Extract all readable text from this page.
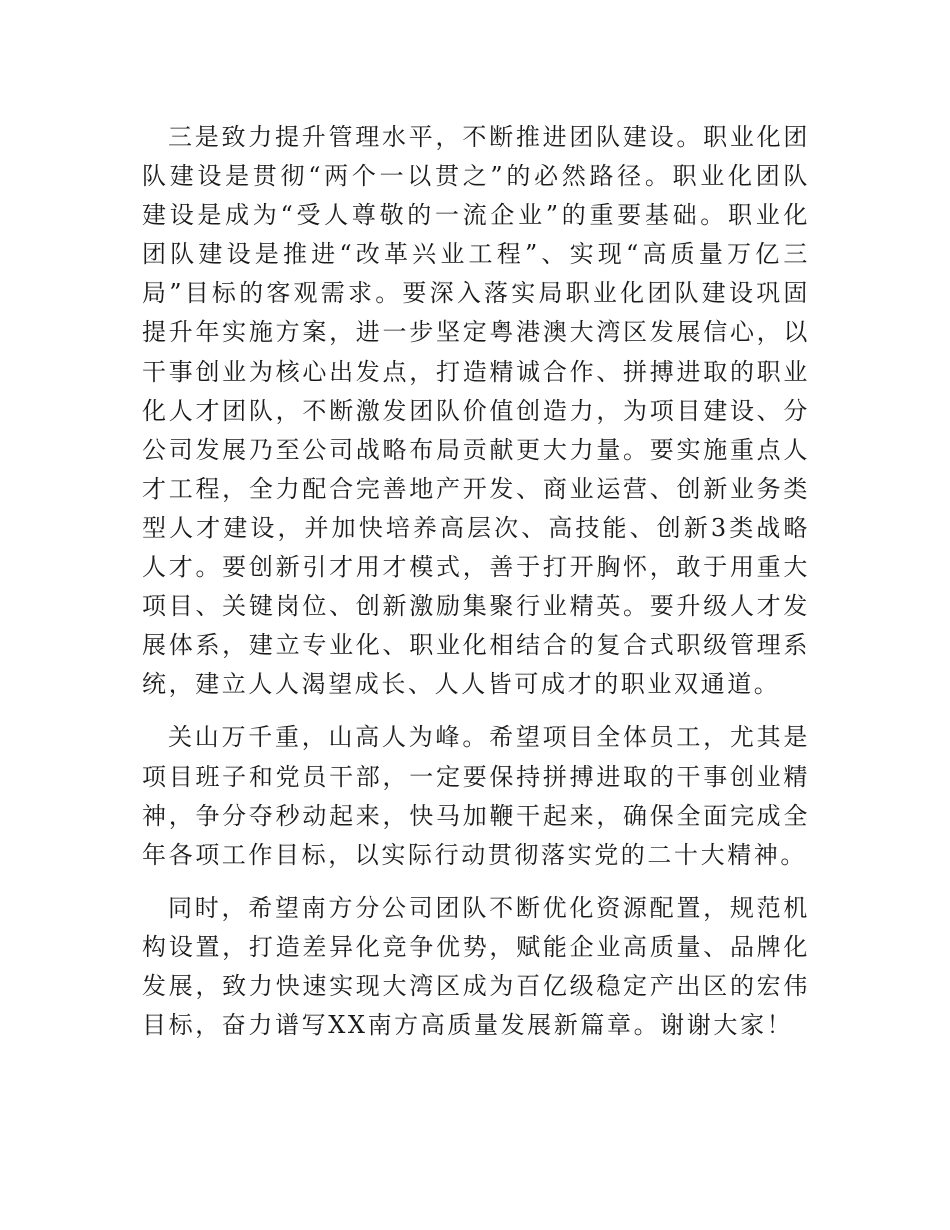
三是致力提升管理水平，不断推进团队建设。职业化团队建设是贯彻“两个一以贯之”的必然路径。职业化团队建设是成为“受人尊敬的一流企业”的重要基础。职业化团队建设是推进“改革兴业工程”、实现“高质量万亿三局”目标的客观需求。要深入落实局职业化团队建设巩固提升年实施方案，进一步坚定粤港澳大湾区发展信心，以干事创业为核心出发点，打造精诚合作、拼搏进取的职业化人才团队，不断激发团队价值创造力，为项目建设、分公司发展乃至公司战略布局贡献更大力量。要实施重点人才工程，全力配合完善地产开发、商业运营、创新业务类型人才建设，并加快培养高层次、高技能、创新3类战略人才。要创新引才用才模式，善于打开胸怀，敢于用重大项目、关键岗位、创新激励集聚行业精英。要升级人才发展体系，建立专业化、职业化相结合的复合式职级管理系统，建立人人渴望成长、人人皆可成才的职业双通道。

关山万千重，山高人为峰。希望项目全体员工，尤其是项目班子和党员干部，一定要保持拼搏进取的干事创业精神，争分夺秒动起来，快马加鞭干起来，确保全面完成全年各项工作目标，以实际行动贯彻落实党的二十大精神。

同时，希望南方分公司团队不断优化资源配置，规范机构设置，打造差异化竞争优势，赋能企业高质量、品牌化发展，致力快速实现大湾区成为百亿级稳定产出区的宏伟目标，奋力谱写XX南方高质量发展新篇章。谢谢大家！
